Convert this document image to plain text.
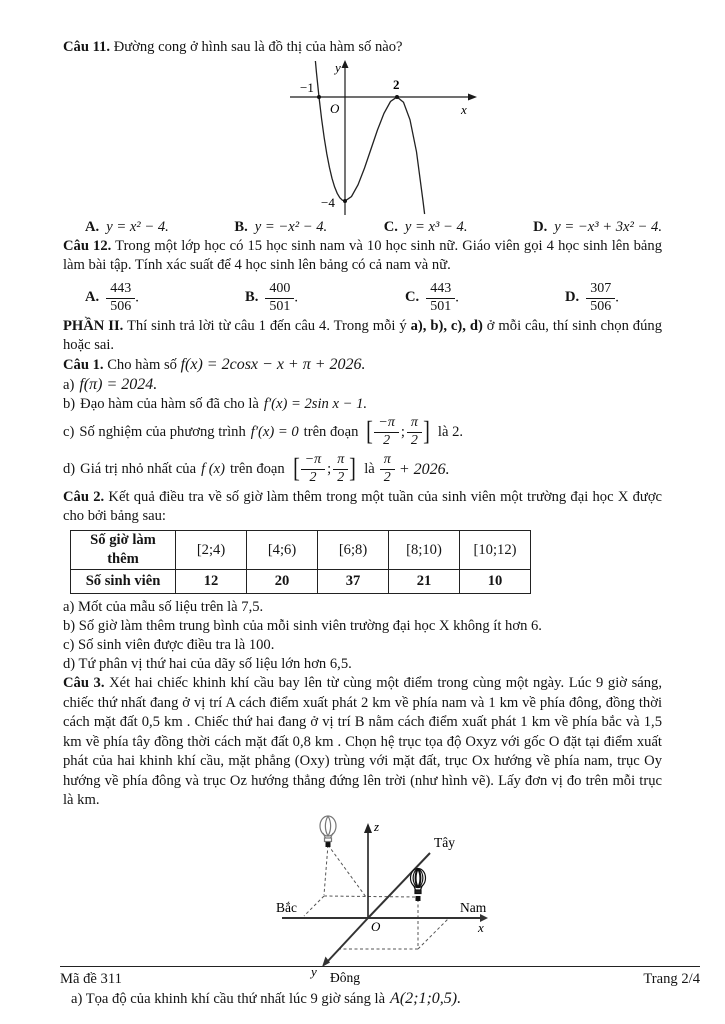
Câu 11. Đường cong ở hình sau là đồ thị của hàm số nào?

y
x
O
−1	2
−4
A. y = x² − 4.	B. y = −x² − 4.	C. y = x³ − 4.	D. y = −x³ + 3x² − 4.

Câu 12. Trong một lớp học có 15 học sinh nam và 10 học sinh nữ. Giáo viên gọi 4 học sinh lên bảng làm bài tập. Tính xác suất để 4 học sinh lên bảng có cả nam và nữ.

A. $\frac{443}{506}$ .	B. $\frac{400}{501}$ .	C. $\frac{443}{501}$ .	D. $\frac{307}{506}$ .

PHẦN II. Thí sinh trả lời từ câu 1 đến câu 4. Trong mỗi ý a), b), c), d) ở mỗi câu, thí sinh chọn đúng hoặc sai.

Câu 1. Cho hàm số f(x) = 2cosx − x + π + 2026.

a) f(π) = 2024.

b) Đạo hàm của hàm số đã cho là f′(x) = 2sin x − 1.

c) Số nghiệm của phương trình f′(x) = 0 trên đoạn [ $\frac{-\pi}{2}$ ; $\frac{\pi}{2}$ ] là 2.
d) Giá trị nhỏ nhất của f (x) trên đoạn [ $\frac{-\pi}{2}$ ; $\frac{\pi}{2}$ ] là $\frac{\pi}{2} + 2026$.

Câu 2. Kết quả điều tra về số giờ làm thêm trong một tuần của sinh viên một trường đại học X được cho bởi bảng sau:

Số giờ làm thêm	[2;4)	[4;6)	[6;8)	[8;10)	[10;12)
Số sinh viên	12	20	37	21	10

a) Mốt của mẫu số liệu trên là 7,5.

b) Số giờ làm thêm trung bình của mỗi sinh viên trường đại học X không ít hơn 6.

c) Số sinh viên được điều tra là 100.

d) Tứ phân vị thứ hai của dãy số liệu lớn hơn 6,5.

Câu 3. Xét hai chiếc khinh khí cầu bay lên từ cùng một điểm trong cùng một ngày. Lúc 9 giờ sáng, chiếc thứ nhất đang ở vị trí A cách điểm xuất phát 2 km về phía nam và 1 km về phía đông, đồng thời cách mặt đất 0,5 km . Chiếc thứ hai đang ở vị trí B nằm cách điểm xuất phát 1 km về phía bắc và 1,5 km về phía tây đồng thời cách mặt đất 0,8 km . Chọn hệ trục tọa độ Oxyz với gốc O đặt tại điểm xuất phát của hai khinh khí cầu, mặt phẳng (Oxy) trùng với mặt đất, trục Ox hướng về phía nam, trục Oy hướng về phía đông và trục Oz hướng thẳng đứng lên trời (như hình vẽ). Lấy đơn vị đo trên mỗi trục là km.

z
Tây
Bắc	Nam
x
y Đông
O

a) Tọa độ của khinh khí cầu thứ nhất lúc 9 giờ sáng là A(2;1;0,5).

Mã đề 311	Trang 2/4
